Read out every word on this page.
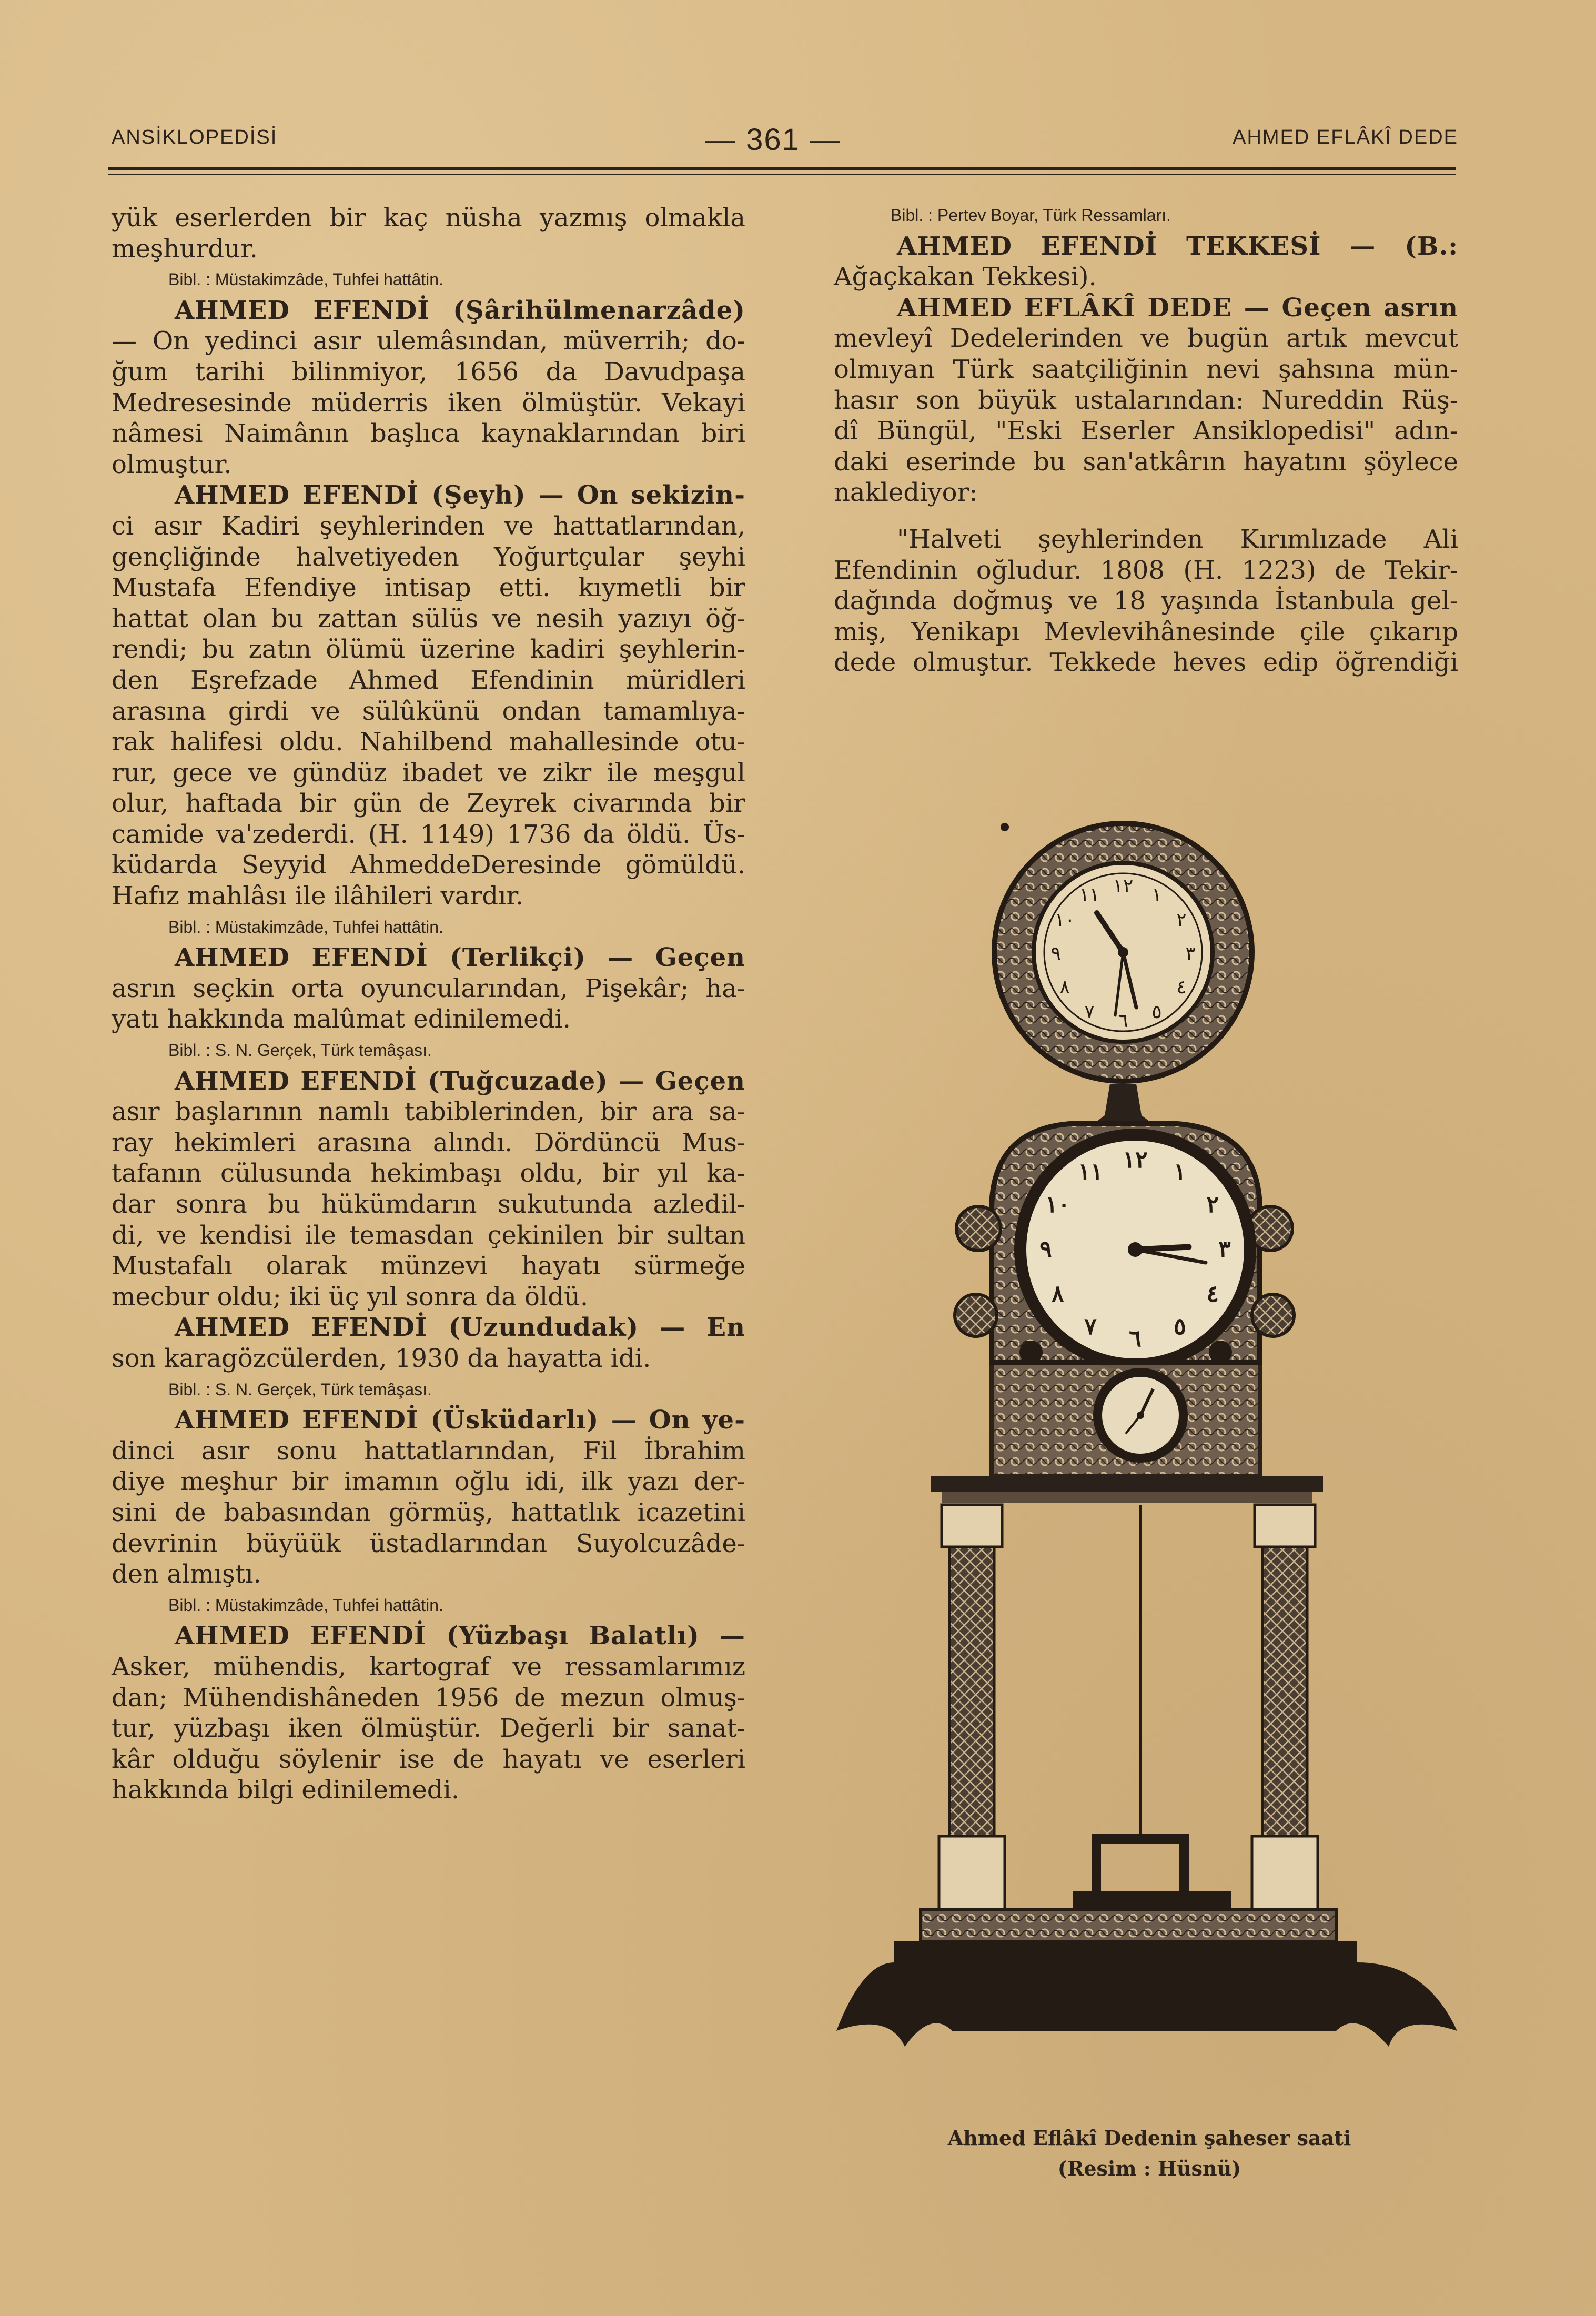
ANSİKLOPEDİSİ	— 361 —	AHMED EFLÂKÎ DEDE

yük eserlerden bir kaç nüsha yazmış olmakla

meşhurdur.

Bibl. : Müstakimzâde, Tuhfei hattâtin.

AHMED EFENDİ (Şârihülmenarzâde)

— On yedinci asır ulemâsından, müverrih; do-

ğum tarihi bilinmiyor, 1656 da Davudpaşa

Medresesinde müderris iken ölmüştür. Vekayi

nâmesi Naimânın başlıca kaynaklarından biri

olmuştur.

AHMED EFENDİ (Şeyh) — On sekizin-

ci asır Kadiri şeyhlerinden ve hattatlarından,

gençliğinde halvetiyeden Yoğurtçular şeyhi

Mustafa Efendiye intisap etti. kıymetli bir

hattat olan bu zattan sülüs ve nesih yazıyı öğ-

rendi; bu zatın ölümü üzerine kadiri şeyhlerin-

den Eşrefzade Ahmed Efendinin müridleri

arasına girdi ve sülûkünü ondan tamamlıya-

rak halifesi oldu. Nahilbend mahallesinde otu-

rur, gece ve gündüz ibadet ve zikr ile meşgul

olur, haftada bir gün de Zeyrek civarında bir

camide va'zederdi. (H. 1149) 1736 da öldü. Üs-

küdarda Seyyid AhmeddeDeresinde gömüldü.

Hafız mahlâsı ile ilâhileri vardır.

Bibl. : Müstakimzâde, Tuhfei hattâtin.

AHMED EFENDİ (Terlikçi) — Geçen

asrın seçkin orta oyuncularından, Pişekâr; ha-

yatı hakkında malûmat edinilemedi.

Bibl. : S. N. Gerçek, Türk temâşası.

AHMED EFENDİ (Tuğcuzade) — Geçen

asır başlarının namlı tabiblerinden, bir ara sa-

ray hekimleri arasına alındı. Dördüncü Mus-

tafanın cülusunda hekimbaşı oldu, bir yıl ka-

dar sonra bu hükümdarın sukutunda azledil-

di, ve kendisi ile temasdan çekinilen bir sultan

Mustafalı olarak münzevi hayatı sürmeğe

mecbur oldu; iki üç yıl sonra da öldü.

AHMED EFENDİ (Uzundudak) — En

son karagözcülerden, 1930 da hayatta idi.

Bibl. : S. N. Gerçek, Türk temâşası.

AHMED EFENDİ (Üsküdarlı) — On ye-

dinci asır sonu hattatlarından, Fil İbrahim

diye meşhur bir imamın oğlu idi, ilk yazı der-

sini de babasından görmüş, hattatlık icazetini

devrinin büyüük üstadlarından Suyolcuzâde-

den almıştı.

Bibl. : Müstakimzâde, Tuhfei hattâtin.

AHMED EFENDİ (Yüzbaşı Balatlı) —

Asker, mühendis, kartograf ve ressamlarımız

dan; Mühendishâneden 1956 de mezun olmuş-

tur, yüzbaşı iken ölmüştür. Değerli bir sanat-

kâr olduğu söylenir ise de hayatı ve eserleri

hakkında bilgi edinilemedi.

Bibl. : Pertev Boyar, Türk Ressamları.

AHMED EFENDİ TEKKESİ — (B.:

Ağaçkakan Tekkesi).

AHMED EFLÂKÎ DEDE — Geçen asrın

mevleyî Dedelerinden ve bugün artık mevcut

olmıyan Türk saatçiliğinin nevi şahsına mün-

hasır son büyük ustalarından: Nureddin Rüş-

dî Büngül, "Eski Eserler Ansiklopedisi" adın-

daki eserinde bu san'atkârın hayatını şöylece

naklediyor:

"Halveti şeyhlerinden Kırımlızade Ali

Efendinin oğludur. 1808 (H. 1223) de Tekir-

dağında doğmuş ve 18 yaşında İstanbula gel-

miş, Yenikapı Mevlevihânesinde çile çıkarıp

dede olmuştur. Tekkede heves edip öğrendiği

١٢ ١
٢
٣
٤
٥
٦
٧
٨
٩
١٠
١١
١٢ ١
٢
٣
٤
٥
٦
٧
٨
٩
١٠
١١
Ahmed Eflâkî Dedenin şaheser saati
(Resim : Hüsnü)
